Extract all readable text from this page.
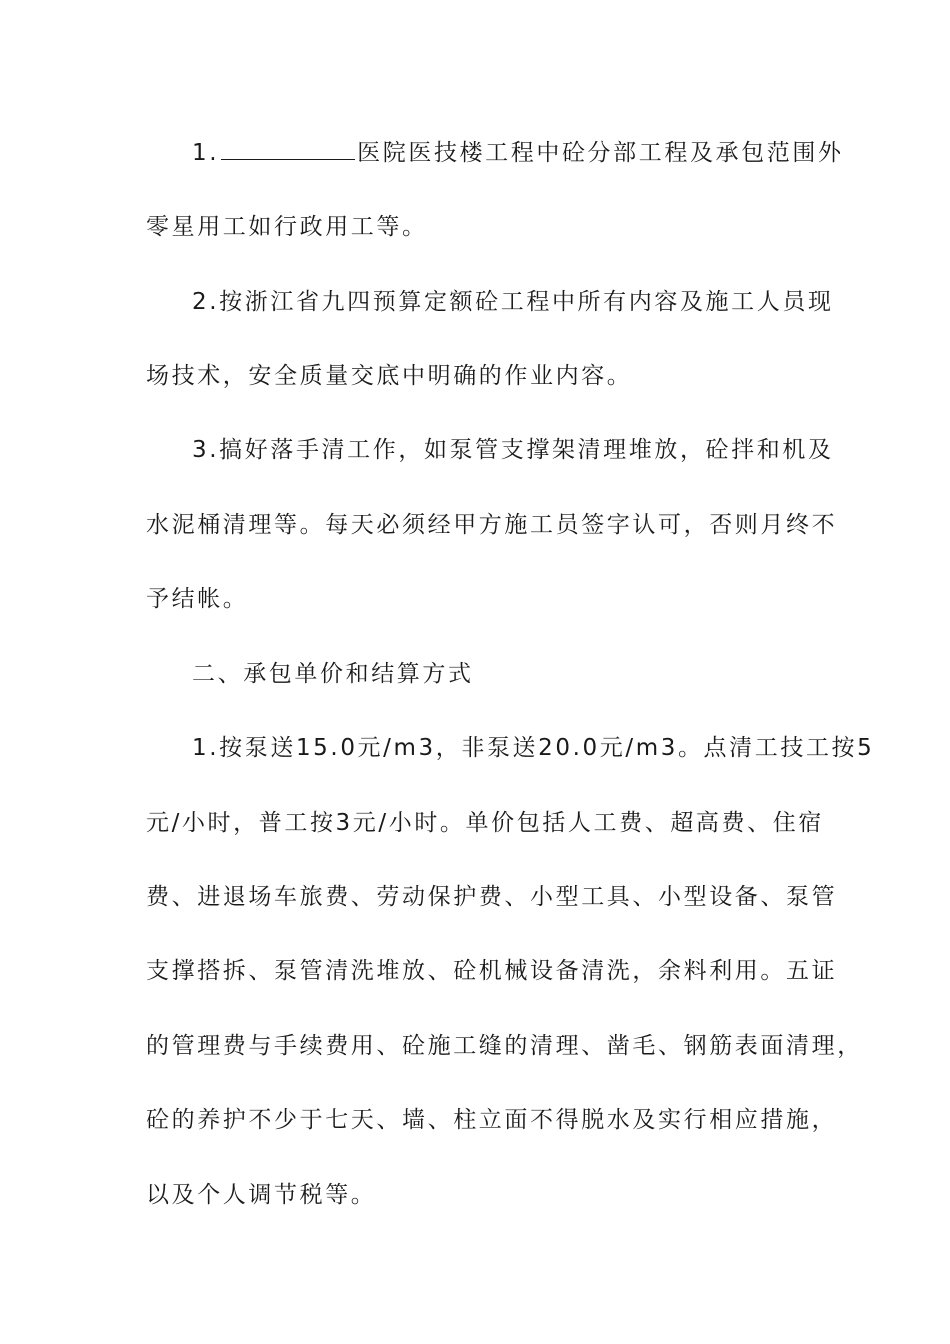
1.	医院医技楼工程中砼分部工程及承包范围外
零星用工如行政用工等。
2.按浙江省九四预算定额砼工程中所有内容及施工人员现
场技术，安全质量交底中明确的作业内容。
3.搞好落手清工作，如泵管支撑架清理堆放，砼拌和机及
水泥桶清理等。每天必须经甲方施工员签字认可，否则月终不
予结帐。
二、承包单价和结算方式
1.按泵送15.0元/m3，非泵送20.0元/m3。点清工技工按5
元/小时，普工按3元/小时。单价包括人工费、超高费、住宿
费、进退场车旅费、劳动保护费、小型工具、小型设备、泵管
支撑搭拆、泵管清洗堆放、砼机械设备清洗，余料利用。五证
的管理费与手续费用、砼施工缝的清理、凿毛、钢筋表面清理，
砼的养护不少于七天、墙、柱立面不得脱水及实行相应措施，
以及个人调节税等。
